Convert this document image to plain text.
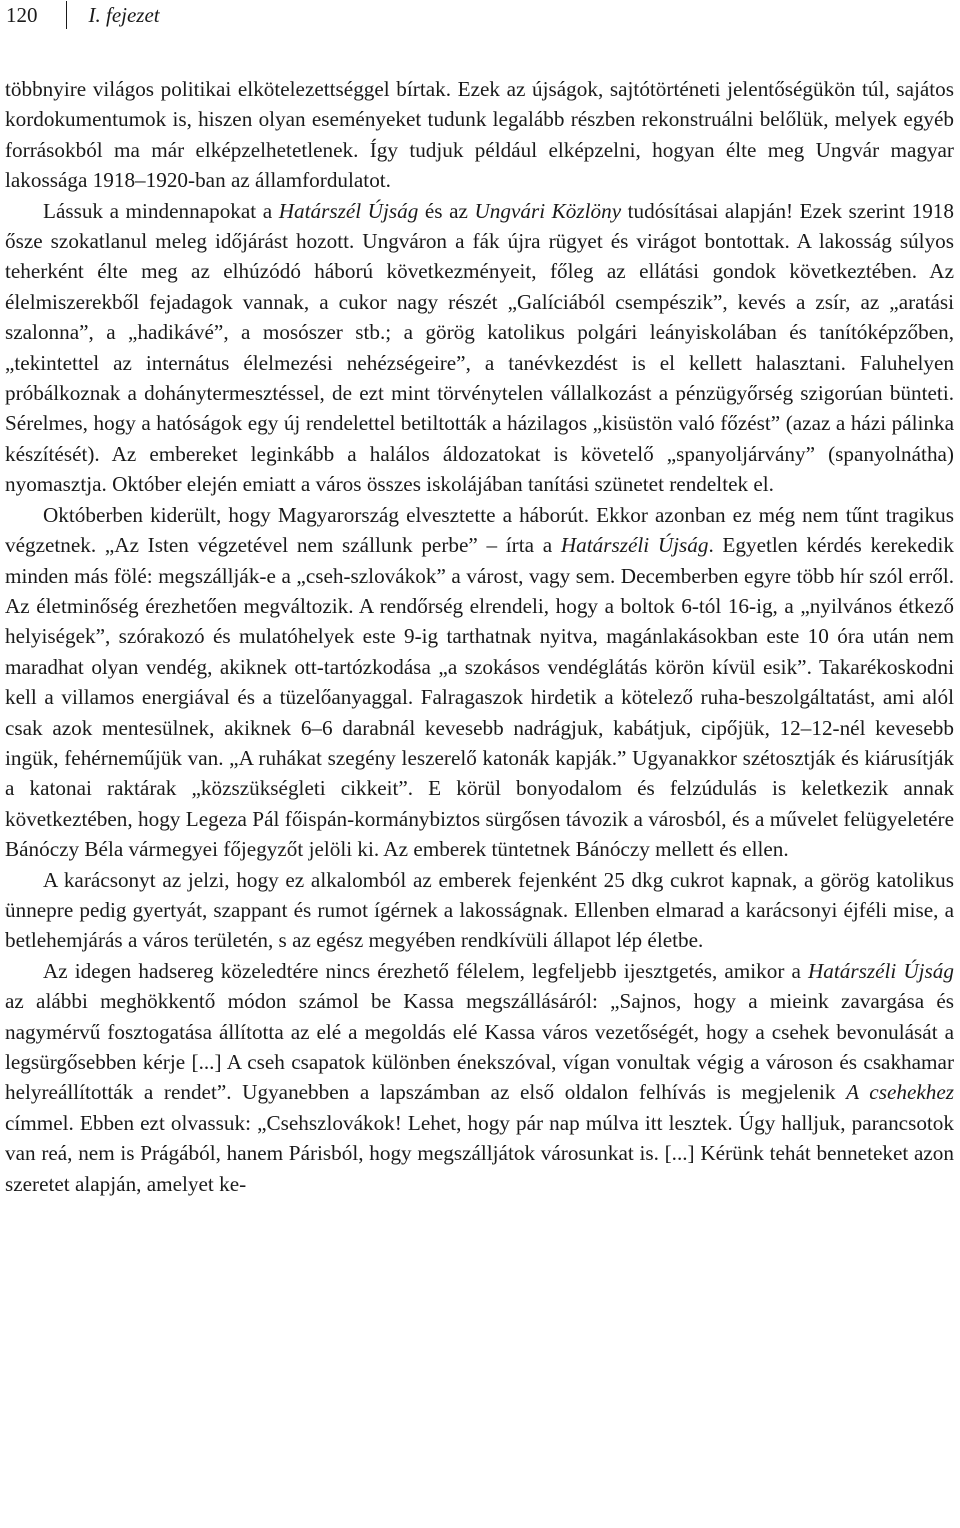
120 I. fejezet

többnyire világos politikai elkötelezettséggel bírtak. Ezek az újságok, sajtótörténeti jelentőségükön túl, sajátos kordokumentumok is, hiszen olyan eseményeket tudunk legalább részben rekonstruálni belőlük, melyek egyéb forrásokból ma már elképzelhetetlenek. Így tudjuk például elképzelni, hogyan élte meg Ungvár magyar lakossága 1918–1920-ban az államfordulatot.

Lássuk a mindennapokat a Határszél Újság és az Ungvári Közlöny tudósításai alapján! Ezek szerint 1918 ősze szokatlanul meleg időjárást hozott. Ungváron a fák újra rügyet és virágot bontottak. A lakosság súlyos teherként élte meg az elhúzódó háború következményeit, főleg az ellátási gondok következtében. Az élelmiszerekből fejadagok vannak, a cukor nagy részét „Galíciából csempészik”, kevés a zsír, az „aratási szalonna”, a „hadikávé”, a mosószer stb.; a görög katolikus polgári leányiskolában és tanítóképzőben, „tekintettel az internátus élelmezési nehézségeire”, a tanévkezdést is el kellett halasztani. Faluhelyen próbálkoznak a dohánytermesztéssel, de ezt mint törvénytelen vállalkozást a pénzügyőrség szigorúan bünteti. Sérelmes, hogy a hatóságok egy új rendelettel betiltották a házilagos „kisüstön való főzést” (azaz a házi pálinka készítését). Az embereket leginkább a halálos áldozatokat is követelő „spanyoljárvány” (spanyolnátha) nyomasztja. Október elején emiatt a város összes iskolájában tanítási szünetet rendeltek el.

Októberben kiderült, hogy Magyarország elvesztette a háborút. Ekkor azonban ez még nem tűnt tragikus végzetnek. „Az Isten végzetével nem szállunk perbe” – írta a Határszéli Újság. Egyetlen kérdés kerekedik minden más fölé: megszállják-e a „cseh-szlovákok” a várost, vagy sem. Decemberben egyre több hír szól erről. Az életminőség érezhetően megváltozik. A rendőrség elrendeli, hogy a boltok 6-tól 16-ig, a „nyilvános étkező helyiségek”, szórakozó és mulatóhelyek este 9-ig tarthatnak nyitva, magánlakásokban este 10 óra után nem maradhat olyan vendég, akiknek ott-tartózkodása „a szokásos vendéglátás körön kívül esik”. Takarékoskodni kell a villamos energiával és a tüzelőanyaggal. Falragaszok hirdetik a kötelező ruha-beszolgáltatást, ami alól csak azok mentesülnek, akiknek 6–6 darabnál kevesebb nadrágjuk, kabátjuk, cipőjük, 12–12-nél kevesebb ingük, fehérneműjük van. „A ruhákat szegény leszerelő katonák kapják.” Ugyanakkor szétosztják és kiárusítják a katonai raktárak „közszükségleti cikkeit”. E körül bonyodalom és felzúdulás is keletkezik annak következtében, hogy Legeza Pál főispán-kormánybiztos sürgősen távozik a városból, és a művelet felügyeletére Bánóczy Béla vármegyei főjegyzőt jelöli ki. Az emberek tüntetnek Bánóczy mellett és ellen.

A karácsonyt az jelzi, hogy ez alkalomból az emberek fejenként 25 dkg cukrot kapnak, a görög katolikus ünnepre pedig gyertyát, szappant és rumot ígérnek a lakosságnak. Ellenben elmarad a karácsonyi éjféli mise, a betlehemjárás a város területén, s az egész megyében rendkívüli állapot lép életbe.

Az idegen hadsereg közeledtére nincs érezhető félelem, legfeljebb ijesztgetés, amikor a Határszéli Újság az alábbi meghökkentő módon számol be Kassa megszállásáról: „Sajnos, hogy a mieink zavargása és nagymérvű fosztogatása állította az elé a megoldás elé Kassa város vezetőségét, hogy a csehek bevonulását a legsürgősebben kérje [...] A cseh csapatok különben énekszóval, vígan vonultak végig a városon és csakhamar helyreállították a rendet”. Ugyanebben a lapszámban az első oldalon felhívás is megjelenik A csehekhez címmel. Ebben ezt olvassuk: „Csehszlovákok! Lehet, hogy pár nap múlva itt lesztek. Úgy halljuk, parancsotok van reá, nem is Prágából, hanem Párisból, hogy megszálljátok városunkat is. [...] Kérünk tehát benneteket azon szeretet alapján, amelyet ke-
